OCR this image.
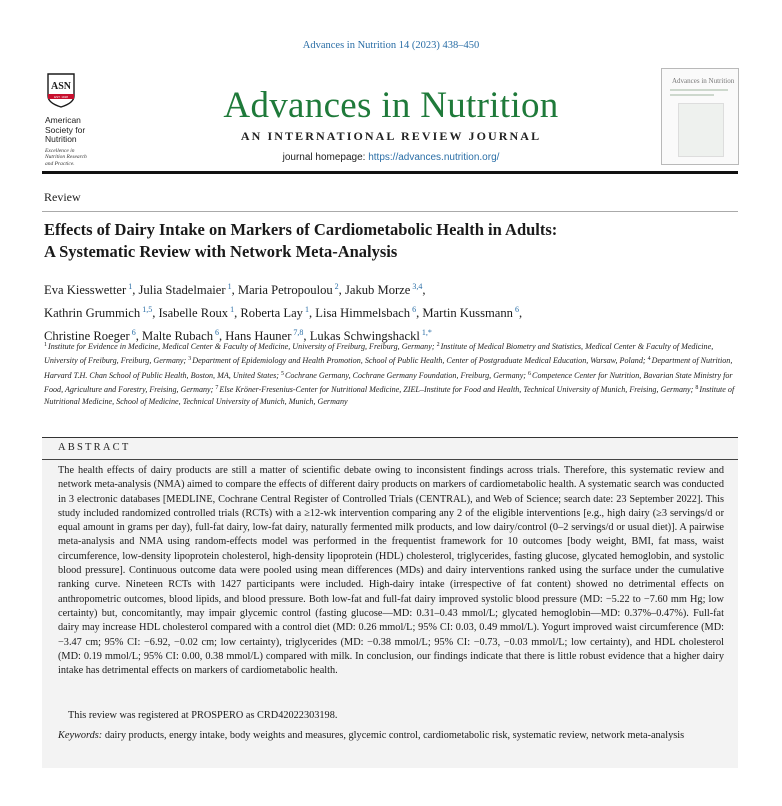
Advances in Nutrition 14 (2023) 438–450
ASN
EST. 1928
American
Society for
Nutrition
Excellence in
Nutrition Research
and Practice.
Advances in Nutrition
AN INTERNATIONAL REVIEW JOURNAL
journal homepage: https://advances.nutrition.org/
Advances in Nutrition
Review
Effects of Dairy Intake on Markers of Cardiometabolic Health in Adults:
A Systematic Review with Network Meta-Analysis
Eva Kiesswetter $^1$, Julia Stadelmaier $^1$, Maria Petropoulou $^2$, Jakub Morze $^{3,4}$,
Kathrin Grummich $^{1,5}$, Isabelle Roux $^1$, Roberta Lay $^1$, Lisa Himmelsbach $^6$, Martin Kussmann $^6$,
Christine Roeger $^6$, Malte Rubach $^6$, Hans Hauner $^{7,8}$, Lukas Schwingshackl $^{1,*}$
$^1$Institute for Evidence in Medicine, Medical Center & Faculty of Medicine, University of Freiburg, Freiburg, Germany; $^2$Institute of Medical Biometry and Statistics, Medical Center & Faculty of Medicine, University of Freiburg, Freiburg, Germany; $^3$Department of Epidemiology and Health Promotion, School of Public Health, Center of Postgraduate Medical Education, Warsaw, Poland; $^4$Department of Nutrition, Harvard T.H. Chan School of Public Health, Boston, MA, United States; $^5$Cochrane Germany, Cochrane Germany Foundation, Freiburg, Germany; $^6$Competence Center for Nutrition, Bavarian State Ministry for Food, Agriculture and Forestry, Freising, Germany; $^7$Else Kröner-Fresenius-Center for Nutritional Medicine, ZIEL–Institute for Food and Health, Technical University of Munich, Freising, Germany; $^8$Institute of Nutritional Medicine, School of Medicine, Technical University of Munich, Munich, Germany
ABSTRACT
The health effects of dairy products are still a matter of scientific debate owing to inconsistent findings across trials. Therefore, this systematic review and network meta-analysis (NMA) aimed to compare the effects of different dairy products on markers of cardiometabolic health. A systematic search was conducted in 3 electronic databases [MEDLINE, Cochrane Central Register of Controlled Trials (CENTRAL), and Web of Science; search date: 23 September 2022]. This study included randomized controlled trials (RCTs) with a ≥12-wk intervention comparing any 2 of the eligible interventions [e.g., high dairy (≥3 servings/d or equal amount in grams per day), full-fat dairy, low-fat dairy, naturally fermented milk products, and low dairy/control (0–2 servings/d or usual diet)]. A pairwise meta-analysis and NMA using random-effects model was performed in the frequentist framework for 10 outcomes [body weight, BMI, fat mass, waist circumference, low-density lipoprotein cholesterol, high-density lipoprotein (HDL) cholesterol, triglycerides, fasting glucose, glycated hemoglobin, and systolic blood pressure]. Continuous outcome data were pooled using mean differences (MDs) and dairy interventions ranked using the surface under the cumulative ranking curve. Nineteen RCTs with 1427 participants were included. High-dairy intake (irrespective of fat content) showed no detrimental effects on anthropometric outcomes, blood lipids, and blood pressure. Both low-fat and full-fat dairy improved systolic blood pressure (MD: −5.22 to −7.60 mm Hg; low certainty) but, concomitantly, may impair glycemic control (fasting glucose—MD: 0.31–0.43 mmol/L; glycated hemoglobin—MD: 0.37%–0.47%). Full-fat dairy may increase HDL cholesterol compared with a control diet (MD: 0.26 mmol/L; 95% CI: 0.03, 0.49 mmol/L). Yogurt improved waist circumference (MD: −3.47 cm; 95% CI: −6.92, −0.02 cm; low certainty), triglycerides (MD: −0.38 mmol/L; 95% CI: −0.73, −0.03 mmol/L; low certainty), and HDL cholesterol (MD: 0.19 mmol/L; 95% CI: 0.00, 0.38 mmol/L) compared with milk. In conclusion, our findings indicate that there is little robust evidence that a higher dairy intake has detrimental effects on markers of cardiometabolic health.
This review was registered at PROSPERO as CRD42022303198.
Keywords: dairy products, energy intake, body weights and measures, glycemic control, cardiometabolic risk, systematic review, network meta-analysis
